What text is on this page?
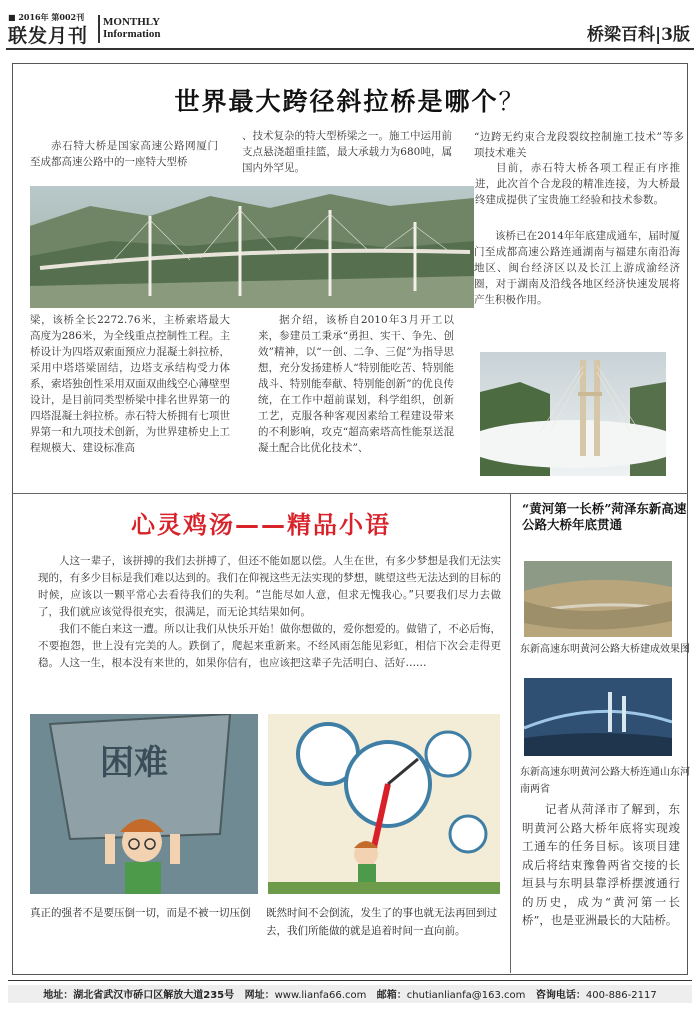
■ 2016年 第002刊
联发月刊
MONTHLY
Information	桥梁百科|3版
世界最大跨径斜拉桥是哪个？
赤石特大桥是国家高速公路网厦门至成都高速公路中的一座特大型桥
、技术复杂的特大型桥梁之一。施工中运用前支点悬浇超重挂篮，最大承载力为680吨，属国内外罕见。
“边跨无约束合龙段裂纹控制施工技术”等多项技术难关
目前，赤石特大桥各项工程正有序推进，此次首个合龙段的精准连接，为大桥最终建成提供了宝贵施工经验和技术参数。
该桥已在2014年年底建成通车，届时厦门至成都高速公路连通湖南与福建东南沿海地区、闽台经济区以及长江上游成渝经济圈，对于湖南及沿线各地区经济快速发展将产生积极作用。
梁，该桥全长2272.76米，主桥索塔最大高度为286米，为全线重点控制性工程。主桥设计为四塔双索面预应力混凝土斜拉桥，采用中塔塔梁固结，边塔支承结构受力体系，索塔独创性采用双面双曲线空心薄壁型设计，是目前同类型桥梁中排名世界第一的四塔混凝土斜拉桥。赤石特大桥拥有七项世界第一和九项技术创新，为世界建桥史上工程规模大、建设标准高
据介绍，该桥自2010年3月开工以来，参建员工秉承“勇担、实干、争先、创效”精神，以“一创、二争、三促”为指导思想，充分发扬建桥人“特别能吃苦、特别能战斗、特别能奉献、特别能创新”的优良传统，在工作中超前谋划，科学组织，创新工艺，克服各种客观因素给工程建设带来的不利影响，攻克“超高索塔高性能泵送混凝土配合比优化技术”、
心灵鸡汤——精品小语

人这一辈子，该拼搏的我们去拼搏了，但还不能如愿以偿。人生在世，有多少梦想是我们无法实现的，有多少目标是我们难以达到的。我们在仰视这些无法实现的梦想，眺望这些无法达到的目标的时候，应该以一颗平常心去看待我们的失利。“岂能尽如人意，但求无愧我心。”只要我们尽力去做了，我们就应该觉得很充实，很满足，而无论其结果如何。

我们不能白来这一遭。所以让我们从快乐开始！做你想做的，爱你想爱的。做错了，不必后悔，不要抱怨，世上没有完美的人。跌倒了，爬起来重新来。不经风雨怎能见彩虹，相信下次会走得更稳。人这一生，根本没有来世的，如果你信有，也应该把这辈子先活明白、活好……

困难
真正的强者不是要压倒一切，而是不被一切压倒	既然时间不会倒流，发生了的事也就无法再回到过去，我们所能做的就是追着时间一直向前。
“黄河第一长桥”菏泽东新高速公路大桥年底贯通
东新高速东明黄河公路大桥建成效果图
东新高速东明黄河公路大桥连通山东河南两省
记者从菏泽市了解到，东明黄河公路大桥年底将实现竣工通车的任务目标。该项目建成后将结束豫鲁两省交接的长垣县与东明县靠浮桥摆渡通行的历史，成为“黄河第一长桥”，也是亚洲最长的大陆桥。
地址：湖北省武汉市硚口区解放大道235号 网址：www.lianfa66.com 邮箱：chutianlianfa@163.com 咨询电话：400-886-2117
